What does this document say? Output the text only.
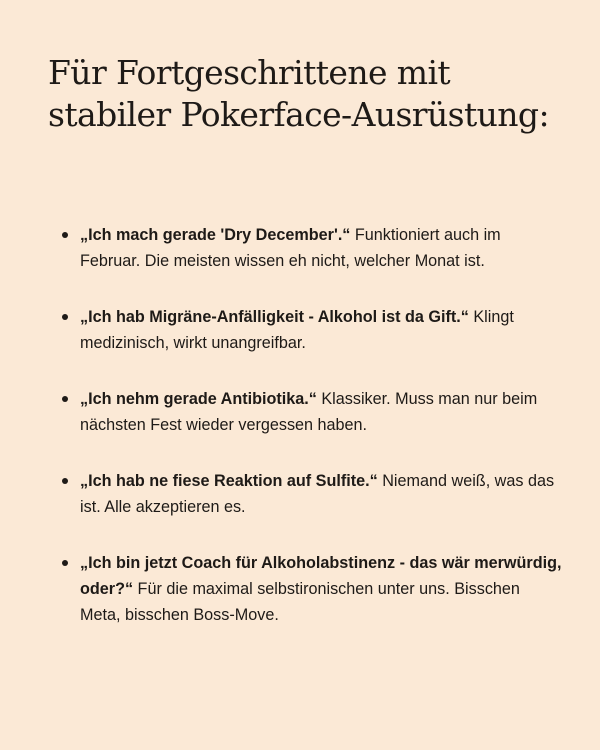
Für Fortgeschrittene mit
stabiler Pokerface-Ausrüstung:
„Ich mach gerade 'Dry December'.“ Funktioniert auch im Februar. Die meisten wissen eh nicht, welcher Monat ist.
„Ich hab Migräne-Anfälligkeit - Alkohol ist da Gift.“ Klingt medizinisch, wirkt unangreifbar.
„Ich nehm gerade Antibiotika.“ Klassiker. Muss man nur beim nächsten Fest wieder vergessen haben.
„Ich hab ne fiese Reaktion auf Sulfite.“ Niemand weiß, was das ist. Alle akzeptieren es.
„Ich bin jetzt Coach für Alkoholabstinenz - das wär merwürdig, oder?“ Für die maximal selbstironischen unter uns. Bisschen Meta, bisschen Boss-Move.
